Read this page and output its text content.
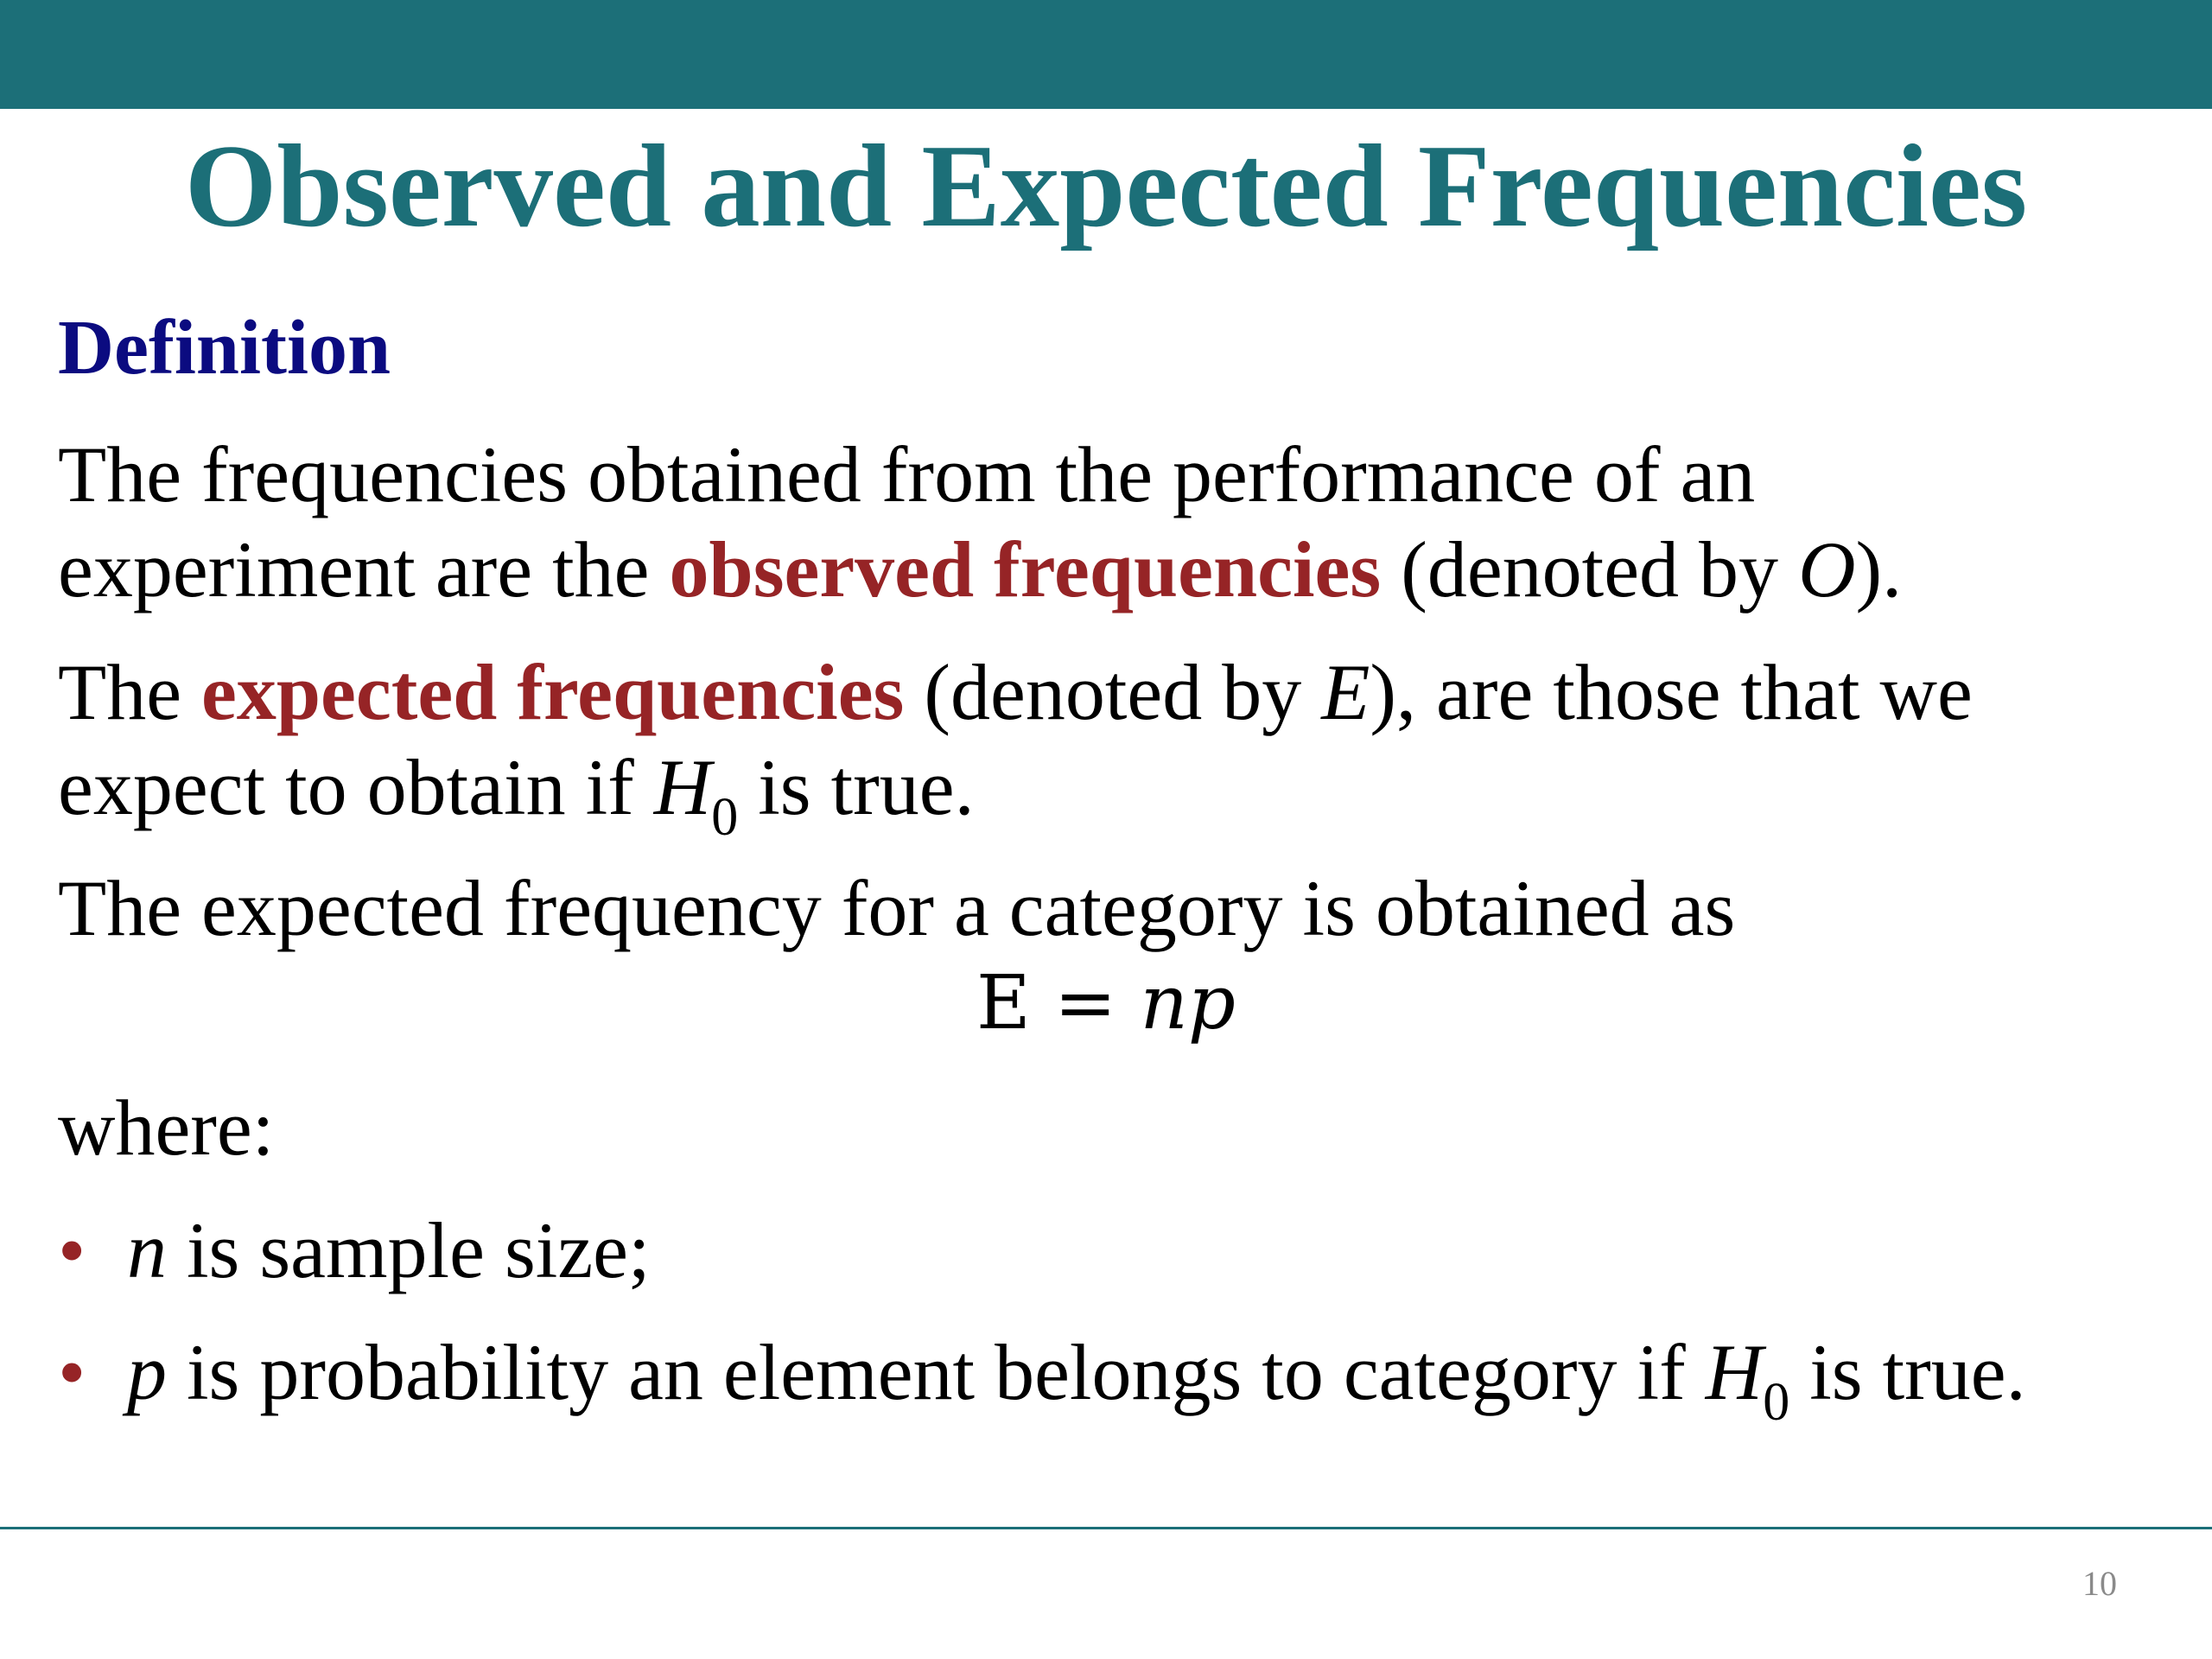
Observed and Expected Frequencies
Definition
The frequencies obtained from the performance of an
experiment are the observed frequencies (denoted by O).
The expected frequencies (denoted by E), are those that we
expect to obtain if $H_0$ is true.
The expected frequency for a category is obtained as
E = np
where:
• n is sample size;
• p is probability an element belongs to category if $H_0$ is true.
10
